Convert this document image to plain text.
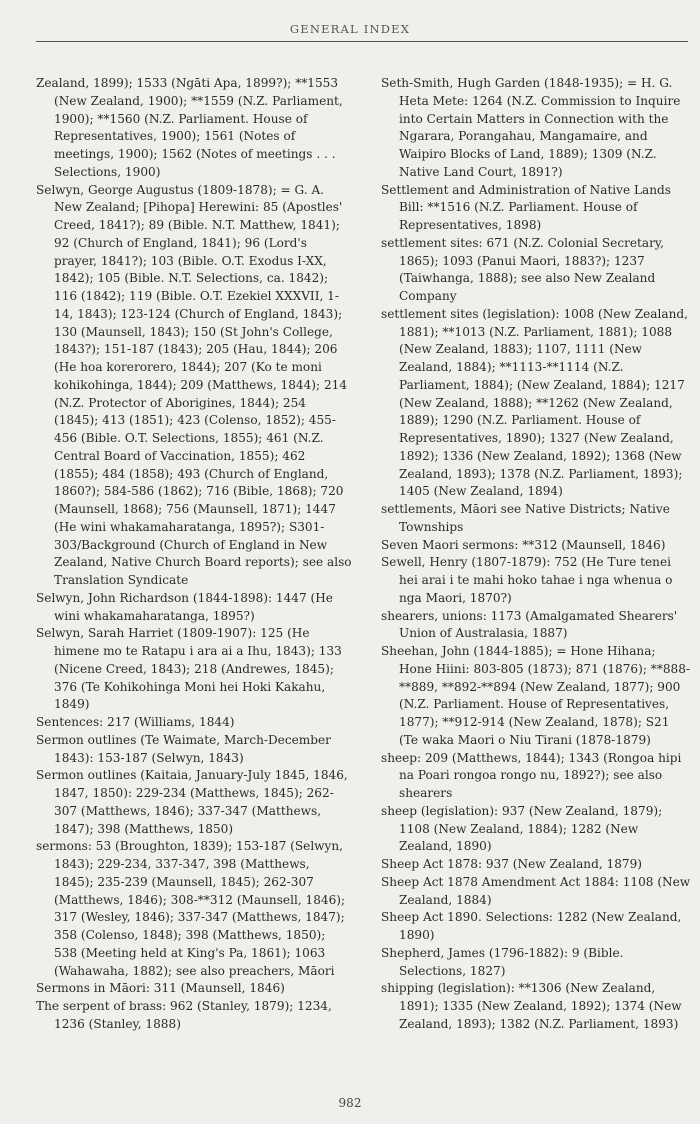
GENERAL INDEX

Zealand, 1899); 1533 (Ngāti Apa, 1899?); **1553 (New Zealand, 1900); **1559 (N.Z. Parliament, 1900); **1560 (N.Z. Parliament. House of Representatives, 1900); 1561 (Notes of meetings, 1900); 1562 (Notes of meetings . . . Selections, 1900)

Selwyn, George Augustus (1809-1878); = G. A. New Zealand; [Pihopa] Herewini: 85 (Apostles' Creed, 1841?); 89 (Bible. N.T. Matthew, 1841); 92 (Church of England, 1841); 96 (Lord's prayer, 1841?); 103 (Bible. O.T. Exodus I-XX, 1842); 105 (Bible. N.T. Selections, ca. 1842); 116 (1842); 119 (Bible. O.T. Ezekiel XXXVII, 1-14, 1843); 123-124 (Church of England, 1843); 130 (Maunsell, 1843); 150 (St John's College, 1843?); 151-187 (1843); 205 (Hau, 1844); 206 (He hoa korerorero, 1844); 207 (Ko te moni kohikohinga, 1844); 209 (Matthews, 1844); 214 (N.Z. Protector of Aborigines, 1844); 254 (1845); 413 (1851); 423 (Colenso, 1852); 455-456 (Bible. O.T. Selections, 1855); 461 (N.Z. Central Board of Vaccination, 1855); 462 (1855); 484 (1858); 493 (Church of England, 1860?); 584-586 (1862); 716 (Bible, 1868); 720 (Maunsell, 1868); 756 (Maunsell, 1871); 1447 (He wini whakamaharatanga, 1895?); S301-303/Background (Church of England in New Zealand, Native Church Board reports); see also Translation Syndicate

Selwyn, John Richardson (1844-1898): 1447 (He wini whakamaharatanga, 1895?)

Selwyn, Sarah Harriet (1809-1907): 125 (He himene mo te Ratapu i ara ai a Ihu, 1843); 133 (Nicene Creed, 1843); 218 (Andrewes, 1845); 376 (Te Kohikohinga Moni hei Hoki Kakahu, 1849)

Sentences: 217 (Williams, 1844)

Sermon outlines (Te Waimate, March-December 1843): 153-187 (Selwyn, 1843)

Sermon outlines (Kaitaia, January-July 1845, 1846, 1847, 1850): 229-234 (Matthews, 1845); 262-307 (Matthews, 1846); 337-347 (Matthews, 1847); 398 (Matthews, 1850)

sermons: 53 (Broughton, 1839); 153-187 (Selwyn, 1843); 229-234, 337-347, 398 (Matthews, 1845); 235-239 (Maunsell, 1845); 262-307 (Matthews, 1846); 308-**312 (Maunsell, 1846); 317 (Wesley, 1846); 337-347 (Matthews, 1847); 358 (Colenso, 1848); 398 (Matthews, 1850); 538 (Meeting held at King's Pa, 1861); 1063 (Wahawaha, 1882); see also preachers, Māori

Sermons in Māori: 311 (Maunsell, 1846)

The serpent of brass: 962 (Stanley, 1879); 1234, 1236 (Stanley, 1888)

Seth-Smith, Hugh Garden (1848-1935); = H. G. Heta Mete: 1264 (N.Z. Commission to Inquire into Certain Matters in Connection with the Ngarara, Porangahau, Mangamaire, and Waipiro Blocks of Land, 1889); 1309 (N.Z. Native Land Court, 1891?)

Settlement and Administration of Native Lands Bill: **1516 (N.Z. Parliament. House of Representatives, 1898)

settlement sites: 671 (N.Z. Colonial Secretary, 1865); 1093 (Panui Maori, 1883?); 1237 (Taiwhanga, 1888); see also New Zealand Company

settlement sites (legislation): 1008 (New Zealand, 1881); **1013 (N.Z. Parliament, 1881); 1088 (New Zealand, 1883); 1107, 1111 (New Zealand, 1884); **1113-**1114 (N.Z. Parliament, 1884); (New Zealand, 1884); 1217 (New Zealand, 1888); **1262 (New Zealand, 1889); 1290 (N.Z. Parliament. House of Representatives, 1890); 1327 (New Zealand, 1892); 1336 (New Zealand, 1892); 1368 (New Zealand, 1893); 1378 (N.Z. Parliament, 1893); 1405 (New Zealand, 1894)

settlements, Māori see Native Districts; Native Townships

Seven Maori sermons: **312 (Maunsell, 1846)

Sewell, Henry (1807-1879): 752 (He Ture tenei hei arai i te mahi hoko tahae i nga whenua o nga Maori, 1870?)

shearers, unions: 1173 (Amalgamated Shearers' Union of Australasia, 1887)

Sheehan, John (1844-1885); = Hone Hihana; Hone Hiini: 803-805 (1873); 871 (1876); **888-**889, **892-**894 (New Zealand, 1877); 900 (N.Z. Parliament. House of Representatives, 1877); **912-914 (New Zealand, 1878); S21 (Te waka Maori o Niu Tirani (1878-1879)

sheep: 209 (Matthews, 1844); 1343 (Rongoa hipi na Poari rongoa rongo nu, 1892?); see also shearers

sheep (legislation): 937 (New Zealand, 1879); 1108 (New Zealand, 1884); 1282 (New Zealand, 1890)

Sheep Act 1878: 937 (New Zealand, 1879)

Sheep Act 1878 Amendment Act 1884: 1108 (New Zealand, 1884)

Sheep Act 1890. Selections: 1282 (New Zealand, 1890)

Shepherd, James (1796-1882): 9 (Bible. Selections, 1827)

shipping (legislation): **1306 (New Zealand, 1891); 1335 (New Zealand, 1892); 1374 (New Zealand, 1893); 1382 (N.Z. Parliament, 1893)

982
